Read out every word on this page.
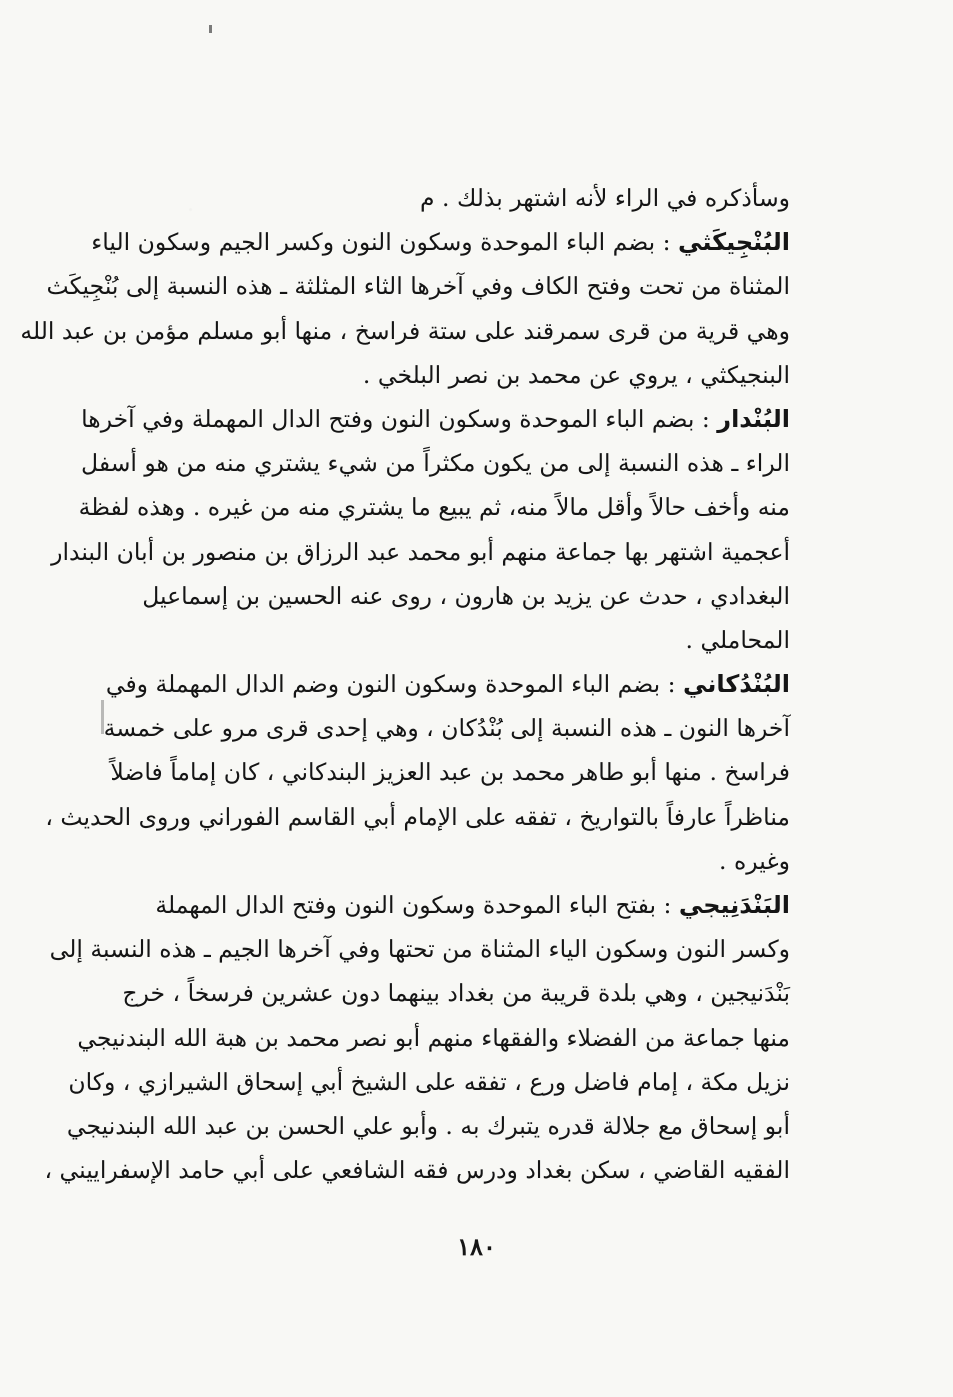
وسأذكره في الراء لأنه اشتهر بذلك . م
البُنْجِيكَثي : بضم الباء الموحدة وسكون النون وكسر الجيم وسكون الياء
المثناة من تحت وفتح الكاف وفي آخرها الثاء المثلثة ـ هذه النسبة إلى بُنْجِيكَث
وهي قرية من قرى سمرقند على ستة فراسخ ، منها أبو مسلم مؤمن بن عبد الله
البنجيكثي ، يروي عن محمد بن نصر البلخي .
البُنْدار : بضم الباء الموحدة وسكون النون وفتح الدال المهملة وفي آخرها
الراء ـ هذه النسبة إلى من يكون مكثراً من شيء يشتري منه من هو أسفل
منه وأخف حالاً وأقل مالاً منه، ثم يبيع ما يشتري منه من غيره . وهذه لفظة
أعجمية اشتهر بها جماعة منهم أبو محمد عبد الرزاق بن منصور بن أبان البندار
البغدادي ، حدث عن يزيد بن هارون ، روى عنه الحسين بن إسماعيل
المحاملي .
البُنْدُكاني : بضم الباء الموحدة وسكون النون وضم الدال المهملة وفي
آخرها النون ـ هذه النسبة إلى بُنْدُكان ، وهي إحدى قرى مرو على خمسة
فراسخ . منها أبو طاهر محمد بن عبد العزيز البندكاني ، كان إماماً فاضلاً
مناظراً عارفاً بالتواريخ ، تفقه على الإمام أبي القاسم الفوراني وروى الحديث ،
وغيره .
البَنْدَنِيجي : بفتح الباء الموحدة وسكون النون وفتح الدال المهملة
وكسر النون وسكون الياء المثناة من تحتها وفي آخرها الجيم ـ هذه النسبة إلى
بَنْدَنيجين ، وهي بلدة قريبة من بغداد بينهما دون عشرين فرسخاً ، خرج
منها جماعة من الفضلاء والفقهاء منهم أبو نصر محمد بن هبة الله البندنيجي
نزيل مكة ، إمام فاضل ورع ، تفقه على الشيخ أبي إسحاق الشيرازي ، وكان
أبو إسحاق مع جلالة قدره يتبرك به . وأبو علي الحسن بن عبد الله البندنيجي
الفقيه القاضي ، سكن بغداد ودرس فقه الشافعي على أبي حامد الإسفراييني ،
١٨٠
